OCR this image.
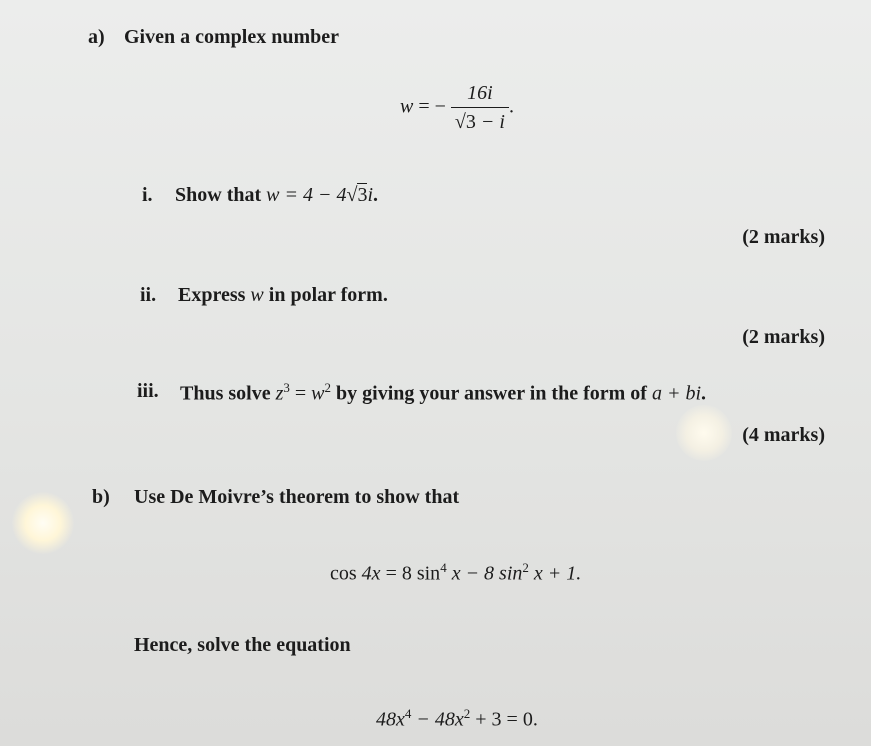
a) Given a complex number
w = − $\frac{16i}{√3 - i}$ .
i. Show that w = 4 − 4√3i.
(2 marks)
ii. Express w in polar form.
(2 marks)
iii. Thus solve $z^3 = w^2$ by giving your answer in the form of a + bi.
(4 marks)
b) Use De Moivre’s theorem to show that
cos 4x = 8 $\sin^4 x - 8$ $\sin^2 x + 1$.
Hence, solve the equation
$48x^4 - 48x^2 + 3 = 0$.
